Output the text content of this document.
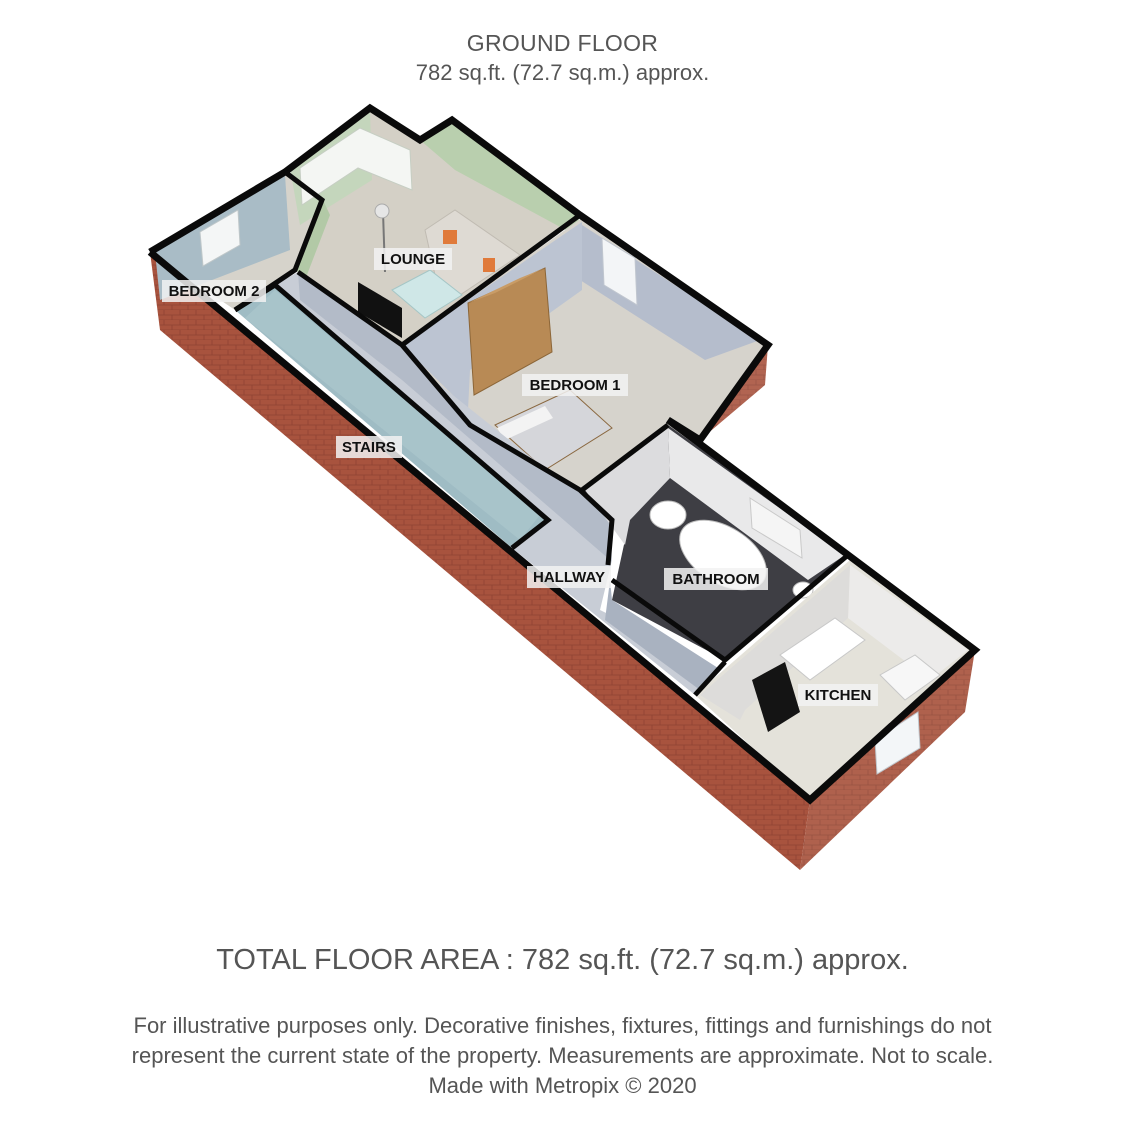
GROUND FLOOR
782 sq.ft. (72.7 sq.m.) approx.
LOUNGE
BEDROOM 2
BEDROOM 1
STAIRS
HALLWAY	BATHROOM
KITCHEN
TOTAL FLOOR AREA : 782 sq.ft. (72.7 sq.m.) approx.
For illustrative purposes only. Decorative finishes, fixtures, fittings and furnishings do not
represent the current state of the property. Measurements are approximate. Not to scale.
Made with Metropix © 2020
